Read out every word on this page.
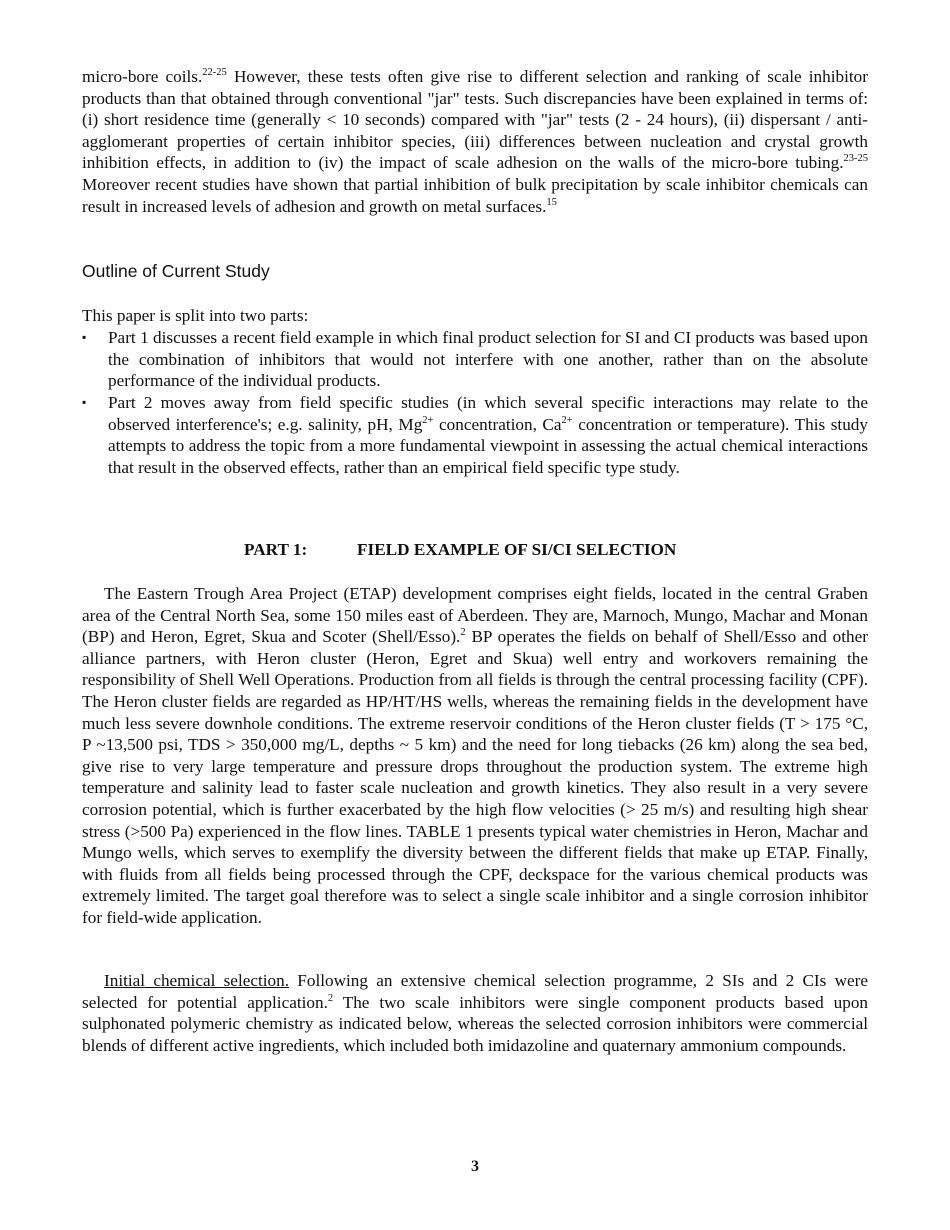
micro-bore coils.$^{22-25}$ However, these tests often give rise to different selection and ranking of scale inhibitor products than that obtained through conventional "jar" tests. Such discrepancies have been explained in terms of: (i) short residence time (generally < 10 seconds) compared with "jar" tests (2 - 24 hours), (ii) dispersant / anti-agglomerant properties of certain inhibitor species, (iii) differences between nucleation and crystal growth inhibition effects, in addition to (iv) the impact of scale adhesion on the walls of the micro-bore tubing.$^{23-25}$ Moreover recent studies have shown that partial inhibition of bulk precipitation by scale inhibitor chemicals can result in increased levels of adhesion and growth on metal surfaces.$^{15}$
Outline of Current Study
This paper is split into two parts:
▪ Part 1 discusses a recent field example in which final product selection for SI and CI products was based upon the combination of inhibitors that would not interfere with one another, rather than on the absolute performance of the individual products.
▪ Part 2 moves away from field specific studies (in which several specific interactions may relate to the observed interference's; e.g. salinity, pH, $Mg^{2+}$ concentration, $Ca^{2+}$ concentration or temperature). This study attempts to address the topic from a more fundamental viewpoint in assessing the actual chemical interactions that result in the observed effects, rather than an empirical field specific type study.
PART 1:	FIELD EXAMPLE OF SI/CI SELECTION
The Eastern Trough Area Project (ETAP) development comprises eight fields, located in the central Graben area of the Central North Sea, some 150 miles east of Aberdeen. They are, Marnoch, Mungo, Machar and Monan (BP) and Heron, Egret, Skua and Scoter (Shell/Esso).$^2$ BP operates the fields on behalf of Shell/Esso and other alliance partners, with Heron cluster (Heron, Egret and Skua) well entry and workovers remaining the responsibility of Shell Well Operations. Production from all fields is through the central processing facility (CPF). The Heron cluster fields are regarded as HP/HT/HS wells, whereas the remaining fields in the development have much less severe downhole conditions. The extreme reservoir conditions of the Heron cluster fields (T > 175 °C, P ~13,500 psi, TDS > 350,000 mg/L, depths ~ 5 km) and the need for long tiebacks (26 km) along the sea bed, give rise to very large temperature and pressure drops throughout the production system. The extreme high temperature and salinity lead to faster scale nucleation and growth kinetics. They also result in a very severe corrosion potential, which is further exacerbated by the high flow velocities (> 25 m/s) and resulting high shear stress (>500 Pa) experienced in the flow lines. TABLE 1 presents typical water chemistries in Heron, Machar and Mungo wells, which serves to exemplify the diversity between the different fields that make up ETAP. Finally, with fluids from all fields being processed through the CPF, deckspace for the various chemical products was extremely limited. The target goal therefore was to select a single scale inhibitor and a single corrosion inhibitor for field-wide application.
Initial chemical selection. Following an extensive chemical selection programme, 2 SIs and 2 CIs were selected for potential application.$^2$ The two scale inhibitors were single component products based upon sulphonated polymeric chemistry as indicated below, whereas the selected corrosion inhibitors were commercial blends of different active ingredients, which included both imidazoline and quaternary ammonium compounds.
3
